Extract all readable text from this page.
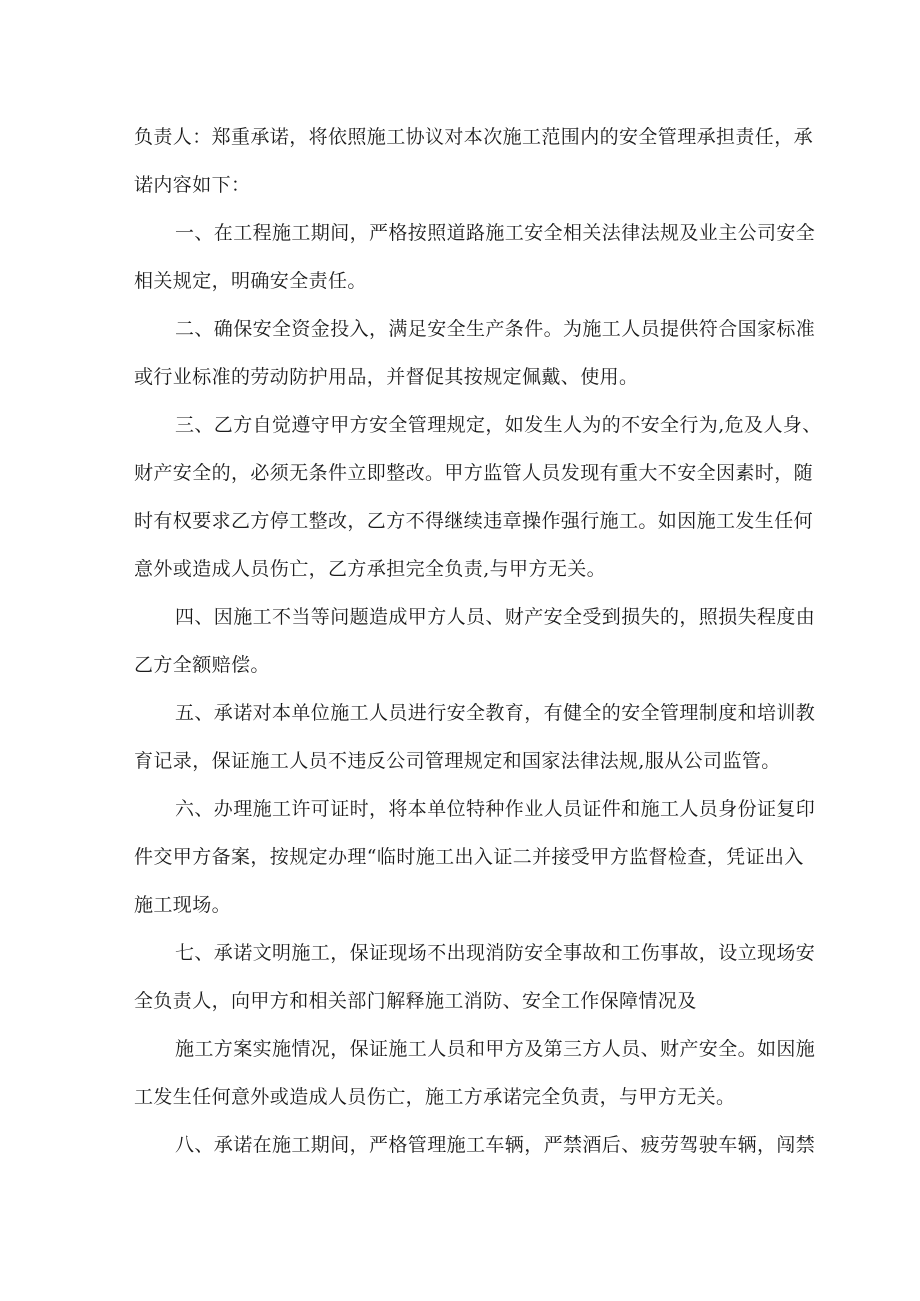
负责人：郑重承诺，将依照施工协议对本次施工范围内的安全管理承担责任，承
诺内容如下：
一、在工程施工期间，严格按照道路施工安全相关法律法规及业主公司安全
相关规定，明确安全责任。
二、确保安全资金投入，满足安全生产条件。为施工人员提供符合国家标准
或行业标准的劳动防护用品，并督促其按规定佩戴、使用。
三、乙方自觉遵守甲方安全管理规定，如发生人为的不安全行为,危及人身、
财产安全的，必须无条件立即整改。甲方监管人员发现有重大不安全因素时，随
时有权要求乙方停工整改，乙方不得继续违章操作强行施工。如因施工发生任何
意外或造成人员伤亡，乙方承担完全负责,与甲方无关。
四、因施工不当等问题造成甲方人员、财产安全受到损失的，照损失程度由
乙方全额赔偿。
五、承诺对本单位施工人员进行安全教育，有健全的安全管理制度和培训教
育记录，保证施工人员不违反公司管理规定和国家法律法规,服从公司监管。
六、办理施工许可证时，将本单位特种作业人员证件和施工人员身份证复印
件交甲方备案，按规定办理“临时施工出入证二并接受甲方监督检查，凭证出入
施工现场。
七、承诺文明施工，保证现场不出现消防安全事故和工伤事故，设立现场安
全负责人，向甲方和相关部门解释施工消防、安全工作保障情况及
施工方案实施情况，保证施工人员和甲方及第三方人员、财产安全。如因施
工发生任何意外或造成人员伤亡，施工方承诺完全负责，与甲方无关。
八、承诺在施工期间，严格管理施工车辆，严禁酒后、疲劳驾驶车辆，闯禁
